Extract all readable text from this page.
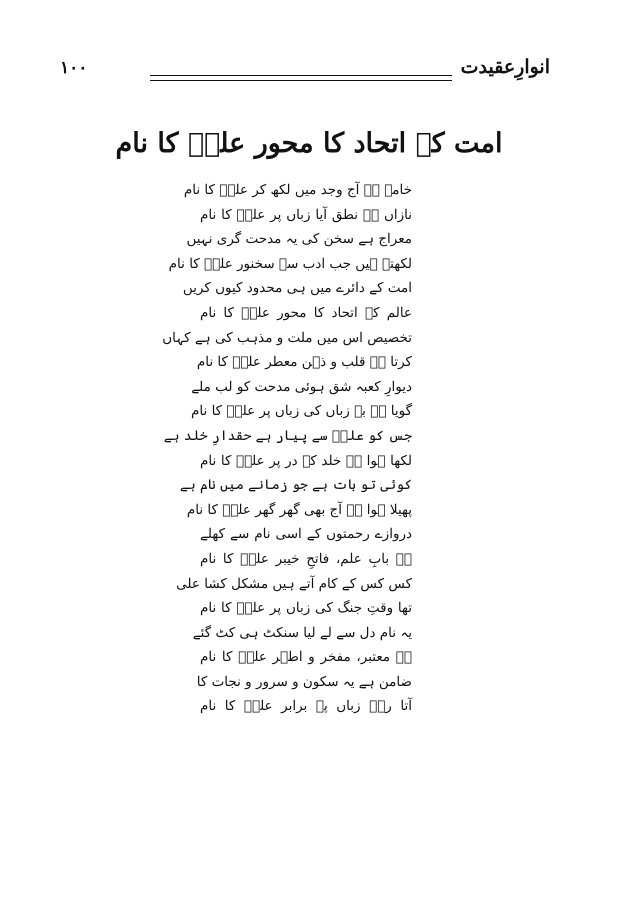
۱۰۰	انوارِعقیدت
امت کے اتحاد کا محور علیؑ کا نام
خامہ ہے آج وجد میں لکھ کر علیؑ کا نام
نازاں ہے نطق آیا زباں پر علیؑ کا نام
معراج ہے سخن کی یہ مدحت گری نہیں
لکھتے ہیں جب ادب سے سخنور علیؑ کا نام
امت کے دائرے میں ہی محدود کیوں کریں
عالم کے اتحاد کا محور علیؑ کا نام
تخصیص اس میں ملت و مذہب کی ہے کہاں
کرتا ہے قلب و ذہن معطر علیؑ کا نام
دیوارِ کعبہ شق ہوئی مدحت کو لب ملے
گویا ہے بے زباں کی زباں پر علیؑ کا نام
جس کو علیؑ سے پیار ہے حقدارِ خلد ہے
لکھا ہوا ہے خلد کے در پر علیؑ کا نام
کوئی تو بات ہے جو زمانے میں نام ہے
پھیلا ہوا ہے آج بھی گھر گھر علیؑ کا نام
دروازے رحمتوں کے اسی نام سے کھلے
ہے بابِ علم، فاتحِ خیبر علیؑ کا نام
کس کس کے کام آتے ہیں مشکل کشا علی
تھا وقتِ جنگ کی زباں پر علیؑ کا نام
یہ نام دل سے لے لیا سنکٹ ہی کٹ گئے
ہے معتبر، مفخر و اطہر علیؑ کا نام
ضامن ہے یہ سکون و سرور و نجات کا
آتا رہے زباں پہ برابر علیؑ کا نام
